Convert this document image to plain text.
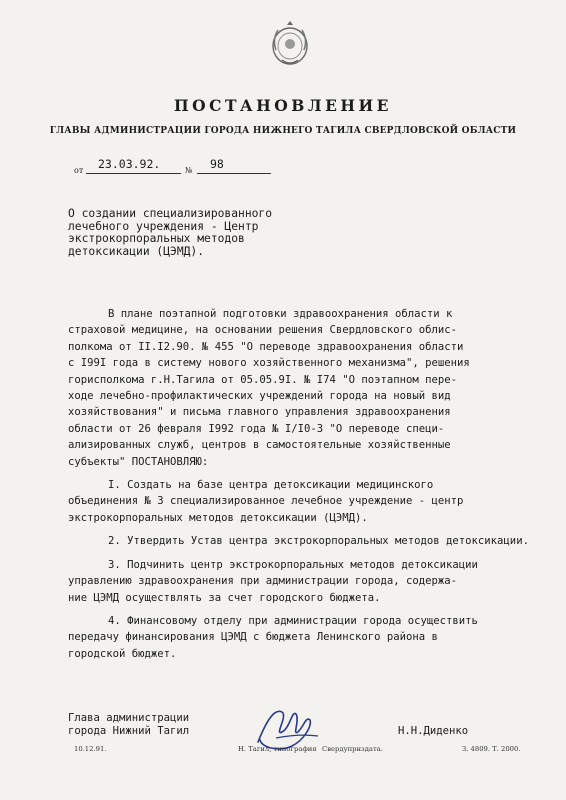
ПОСТАНОВЛЕНИЕ
ГЛАВЫ АДМИНИСТРАЦИИ ГОРОДА НИЖНЕГО ТАГИЛА СВЕРДЛОВСКОЙ ОБЛАСТИ
от 23.03.92.	№ 98
О создании специализированного
лечебного учреждения - Центр
экстрокорпоральных методов
детоксикации (ЦЭМД).
В плане поэтапной подготовки здравоохранения области к
страховой медицине, на основании решения Свердловского облис-
полкома от II.I2.90. № 455 "О переводе здравоохранения области
с I99I года в систему нового хозяйственного механизма", решения
горисполкома г.Н.Тагила от 05.05.9I. № I74 "О поэтапном пере-
ходе лечебно-профилактических учреждений города на новый вид
хозяйствования" и письма главного управления здравоохранения
области от 26 февраля I992 года № I/I0-3 "О переводе специ-
ализированных служб, центров в самостоятельные хозяйственные
субъекты" ПОСТАНОВЛЯЮ:
I. Создать на базе центра детоксикации медицинского
объединения № 3 специализированное лечебное учреждение - центр
экстрокорпоральных методов детоксикации (ЦЭМД).
2. Утвердить Устав центра экстрокорпоральных методов детоксикации.
3. Подчинить центр экстрокорпоральных методов детоксикации
управлению здравоохранения при администрации города, содержа-
ние ЦЭМД осуществлять за счет городского бюджета.
4. Финансовому отделу при администрации города осуществить
передачу финансирования ЦЭМД с бюджета Ленинского района в
городской бюджет.
Глава администрации
города Нижний Тагил	Н.Н.Диденко
10.12.91.	Н. Тагил, типография Свердупрнздата.	З. 4809. Т. 2000.
